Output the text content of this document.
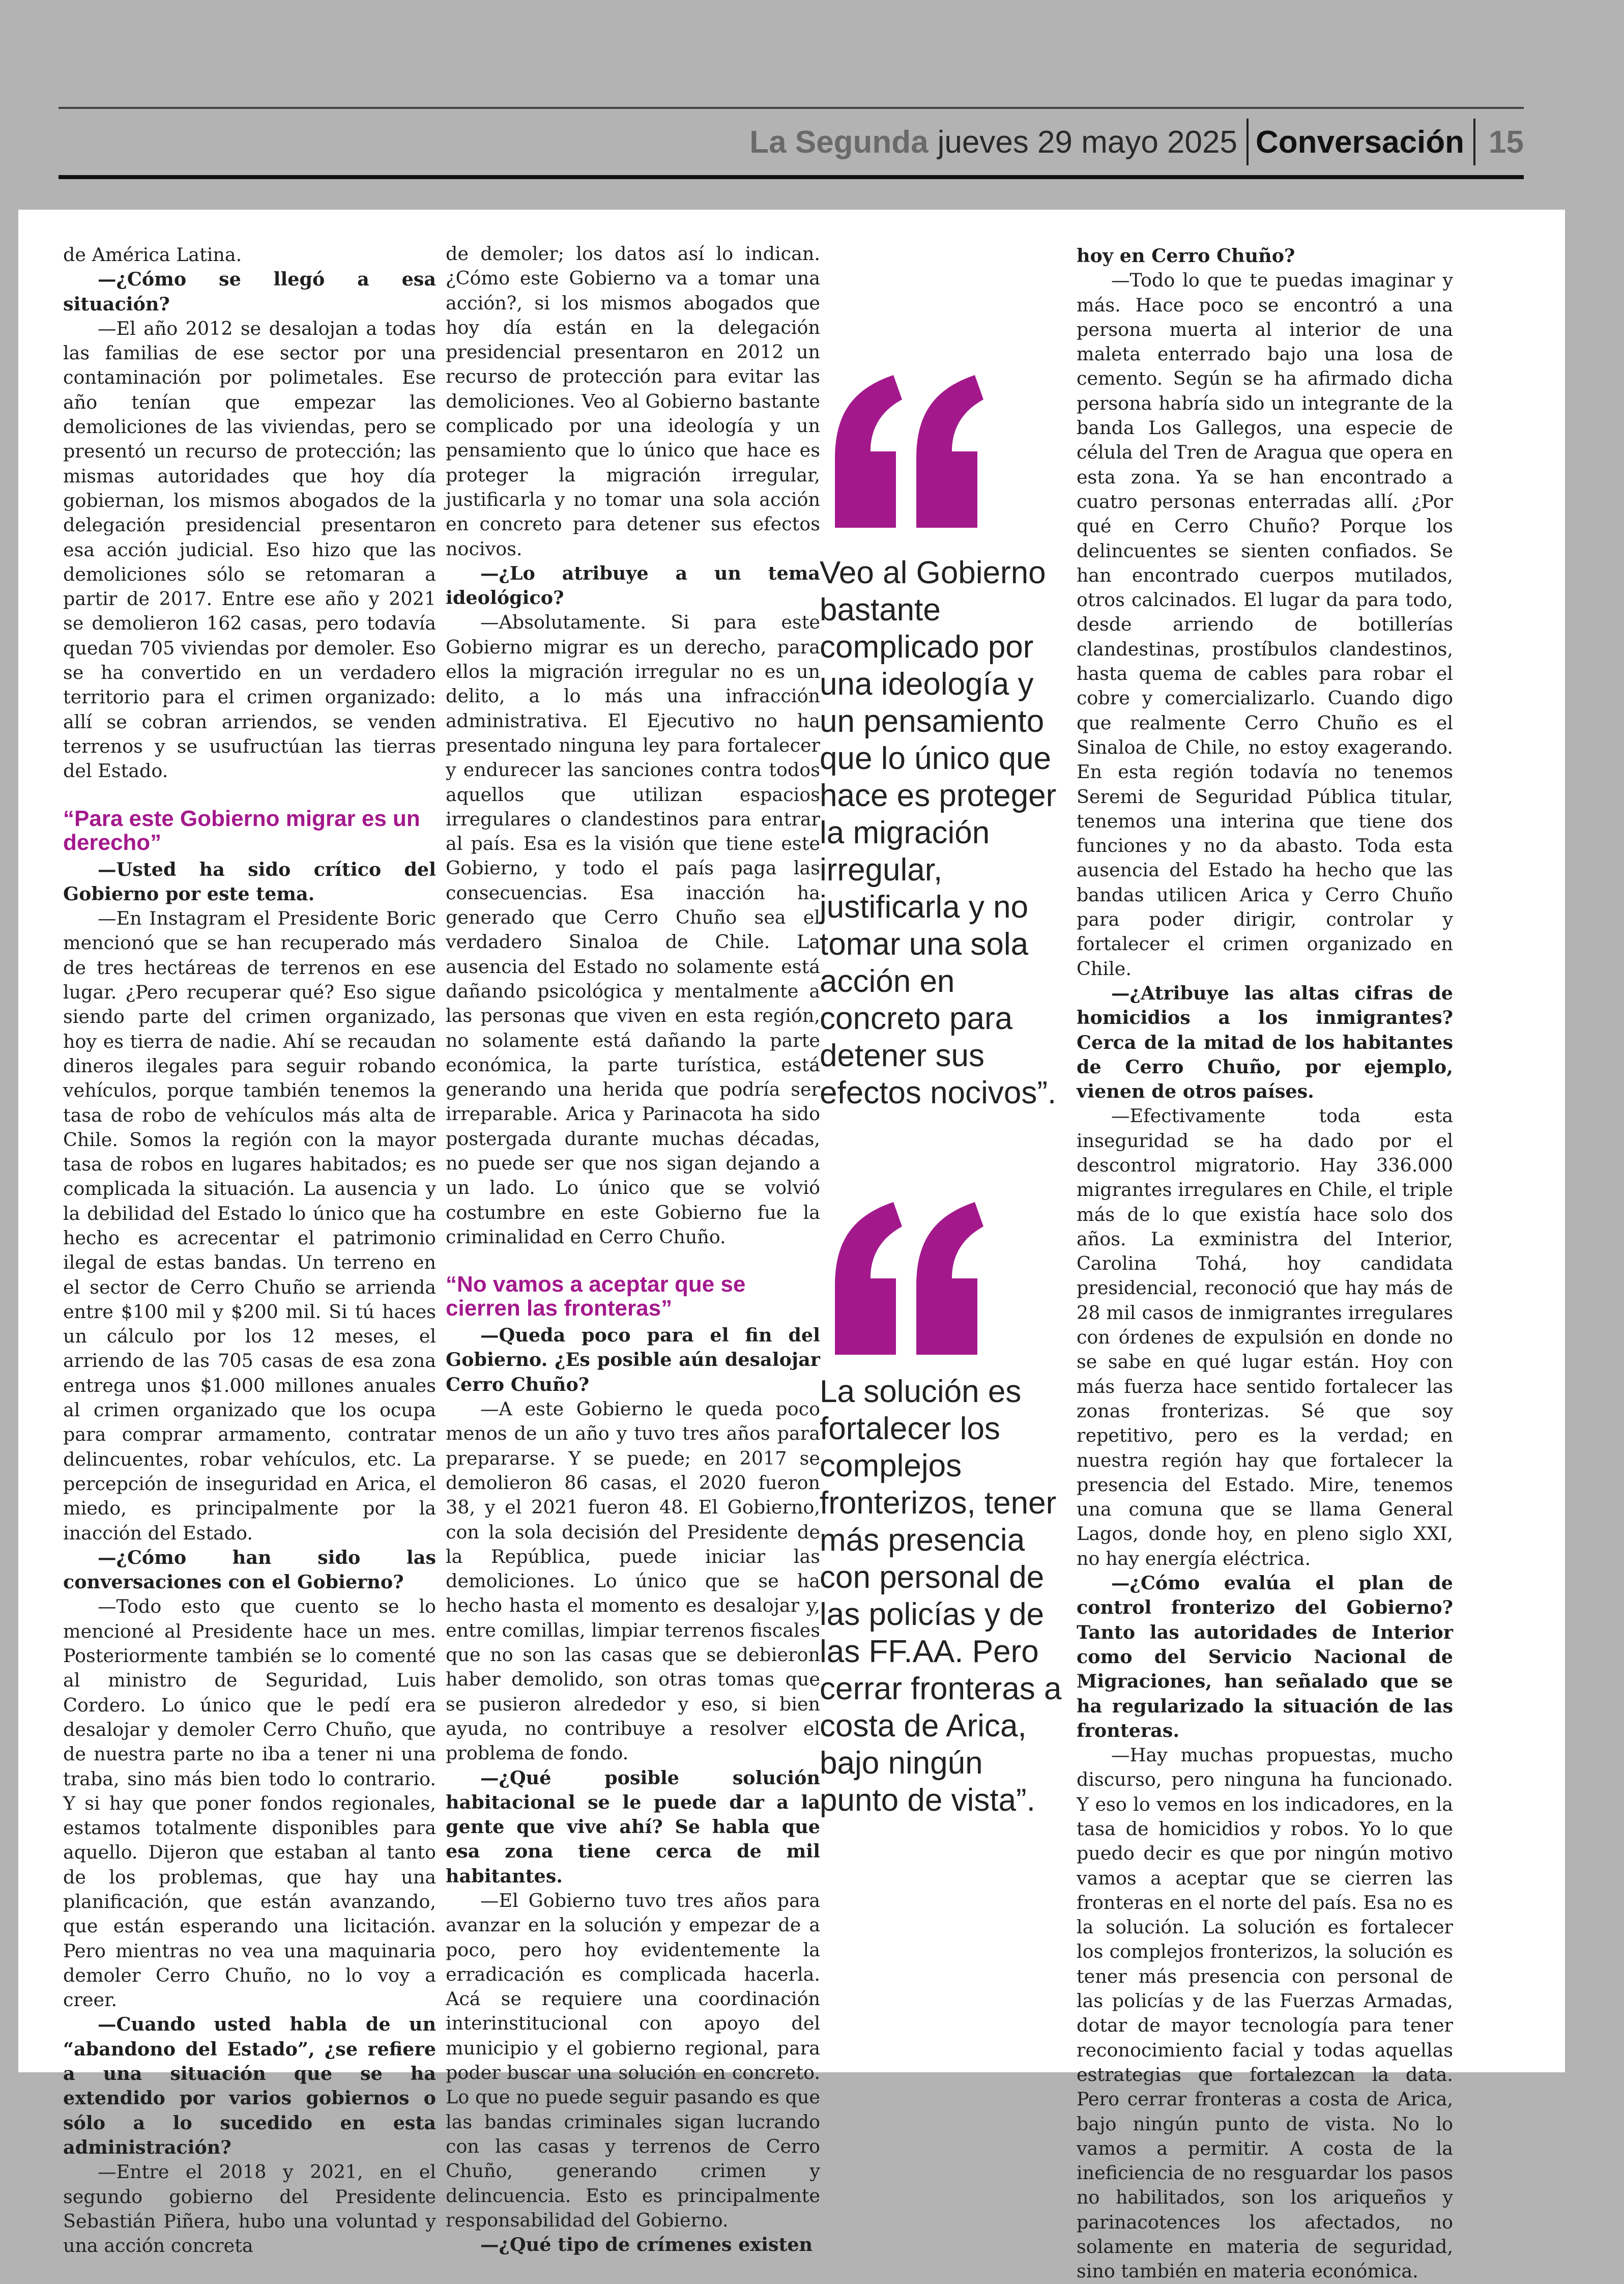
La Segunda jueves 29 mayo 2025 Conversación 15

de América Latina.

—¿Cómo se llegó a esa situación?

—El año 2012 se desalojan a todas las familias de ese sector por una contaminación por polimetales. Ese año tenían que empezar las demoliciones de las viviendas, pero se presentó un recurso de protección; las mismas autoridades que hoy día gobiernan, los mismos abogados de la delegación presidencial presentaron esa acción judicial. Eso hizo que las demoliciones sólo se retomaran a partir de 2017. Entre ese año y 2021 se demolieron 162 casas, pero todavía quedan 705 viviendas por demoler. Eso se ha convertido en un verdadero territorio para el crimen organizado: allí se cobran arriendos, se venden terrenos y se usufructúan las tierras del Estado.

“Para este Gobierno migrar es un derecho”

—Usted ha sido crítico del Gobierno por este tema.

—En Instagram el Presidente Boric mencionó que se han recuperado más de tres hectáreas de terrenos en ese lugar. ¿Pero recuperar qué? Eso sigue siendo parte del crimen organizado, hoy es tierra de nadie. Ahí se recaudan dineros ilegales para seguir robando vehículos, porque también tenemos la tasa de robo de vehículos más alta de Chile. Somos la región con la mayor tasa de robos en lugares habitados; es complicada la situación. La ausencia y la debilidad del Estado lo único que ha hecho es acrecentar el patrimonio ilegal de estas bandas. Un terreno en el sector de Cerro Chuño se arrienda entre $100 mil y $200 mil. Si tú haces un cálculo por los 12 meses, el arriendo de las 705 casas de esa zona entrega unos $1.000 millones anuales al crimen organizado que los ocupa para comprar armamento, contratar delincuentes, robar vehículos, etc. La percepción de inseguridad en Arica, el miedo, es principalmente por la inacción del Estado.

—¿Cómo han sido las conversaciones con el Gobierno?

—Todo esto que cuento se lo mencioné al Presidente hace un mes. Posteriormente también se lo comenté al ministro de Seguridad, Luis Cordero. Lo único que le pedí era desalojar y demoler Cerro Chuño, que de nuestra parte no iba a tener ni una traba, sino más bien todo lo contrario. Y si hay que poner fondos regionales, estamos totalmente disponibles para aquello. Dijeron que estaban al tanto de los problemas, que hay una planificación, que están avanzando, que están esperando una licitación. Pero mientras no vea una maquinaria demoler Cerro Chuño, no lo voy a creer.

—Cuando usted habla de un “abandono del Estado”, ¿se refiere a una situación que se ha extendido por varios gobiernos o sólo a lo sucedido en esta administración?

—Entre el 2018 y 2021, en el segundo gobierno del Presidente Sebastián Piñera, hubo una voluntad y una acción concreta

de demoler; los datos así lo indican. ¿Cómo este Gobierno va a tomar una acción?, si los mismos abogados que hoy día están en la delegación presidencial presentaron en 2012 un recurso de protección para evitar las demoliciones. Veo al Gobierno bastante complicado por una ideología y un pensamiento que lo único que hace es proteger la migración irregular, justificarla y no tomar una sola acción en concreto para detener sus efectos nocivos.

—¿Lo atribuye a un tema ideológico?

—Absolutamente. Si para este Gobierno migrar es un derecho, para ellos la migración irregular no es un delito, a lo más una infracción administrativa. El Ejecutivo no ha presentado ninguna ley para fortalecer y endurecer las sanciones contra todos aquellos que utilizan espacios irregulares o clandestinos para entrar al país. Esa es la visión que tiene este Gobierno, y todo el país paga las consecuencias. Esa inacción ha generado que Cerro Chuño sea el verdadero Sinaloa de Chile. La ausencia del Estado no solamente está dañando psicológica y mentalmente a las personas que viven en esta región, no solamente está dañando la parte económica, la parte turística, está generando una herida que podría ser irreparable. Arica y Parinacota ha sido postergada durante muchas décadas, no puede ser que nos sigan dejando a un lado. Lo único que se volvió costumbre en este Gobierno fue la criminalidad en Cerro Chuño.

“No vamos a aceptar que se cierren las fronteras”

—Queda poco para el fin del Gobierno. ¿Es posible aún desalojar Cerro Chuño?

—A este Gobierno le queda poco menos de un año y tuvo tres años para prepararse. Y se puede; en 2017 se demolieron 86 casas, el 2020 fueron 38, y el 2021 fueron 48. El Gobierno, con la sola decisión del Presidente de la República, puede iniciar las demoliciones. Lo único que se ha hecho hasta el momento es desalojar y, entre comillas, limpiar terrenos fiscales que no son las casas que se debieron haber demolido, son otras tomas que se pusieron alrededor y eso, si bien ayuda, no contribuye a resolver el problema de fondo.

—¿Qué posible solución habitacional se le puede dar a la gente que vive ahí? Se habla que esa zona tiene cerca de mil habitantes.

—El Gobierno tuvo tres años para avanzar en la solución y empezar de a poco, pero hoy evidentemente la erradicación es complicada hacerla. Acá se requiere una coordinación interinstitucional con apoyo del municipio y el gobierno regional, para poder buscar una solución en concreto. Lo que no puede seguir pasando es que las bandas criminales sigan lucrando con las casas y terrenos de Cerro Chuño, generando crimen y delincuencia. Esto es principalmente responsabilidad del Gobierno.

—¿Qué tipo de crímenes existen

Veo al Gobierno bastante complicado por una ideología y un pensamiento que lo único que hace es proteger la migración irregular, justificarla y no tomar una sola acción en concreto para detener sus efectos nocivos”.
La solución es fortalecer los complejos fronterizos, tener más presencia con personal de las policías y de las FF.AA. Pero cerrar fronteras a costa de Arica, bajo ningún punto de vista”.

hoy en Cerro Chuño?

—Todo lo que te puedas imaginar y más. Hace poco se encontró a una persona muerta al interior de una maleta enterrado bajo una losa de cemento. Según se ha afirmado dicha persona habría sido un integrante de la banda Los Gallegos, una especie de célula del Tren de Aragua que opera en esta zona. Ya se han encontrado a cuatro personas enterradas allí. ¿Por qué en Cerro Chuño? Porque los delincuentes se sienten confiados. Se han encontrado cuerpos mutilados, otros calcinados. El lugar da para todo, desde arriendo de botillerías clandestinas, prostíbulos clandestinos, hasta quema de cables para robar el cobre y comercializarlo. Cuando digo que realmente Cerro Chuño es el Sinaloa de Chile, no estoy exagerando. En esta región todavía no tenemos Seremi de Seguridad Pública titular, tenemos una interina que tiene dos funciones y no da abasto. Toda esta ausencia del Estado ha hecho que las bandas utilicen Arica y Cerro Chuño para poder dirigir, controlar y fortalecer el crimen organizado en Chile.

—¿Atribuye las altas cifras de homicidios a los inmigrantes? Cerca de la mitad de los habitantes de Cerro Chuño, por ejemplo, vienen de otros países.

—Efectivamente toda esta inseguridad se ha dado por el descontrol migratorio. Hay 336.000 migrantes irregulares en Chile, el triple más de lo que existía hace solo dos años. La exministra del Interior, Carolina Tohá, hoy candidata presidencial, reconoció que hay más de 28 mil casos de inmigrantes irregulares con órdenes de expulsión en donde no se sabe en qué lugar están. Hoy con más fuerza hace sentido fortalecer las zonas fronterizas. Sé que soy repetitivo, pero es la verdad; en nuestra región hay que fortalecer la presencia del Estado. Mire, tenemos una comuna que se llama General Lagos, donde hoy, en pleno siglo XXI, no hay energía eléctrica.

—¿Cómo evalúa el plan de control fronterizo del Gobierno? Tanto las autoridades de Interior como del Servicio Nacional de Migraciones, han señalado que se ha regularizado la situación de las fronteras.

—Hay muchas propuestas, mucho discurso, pero ninguna ha funcionado. Y eso lo vemos en los indicadores, en la tasa de homicidios y robos. Yo lo que puedo decir es que por ningún motivo vamos a aceptar que se cierren las fronteras en el norte del país. Esa no es la solución. La solución es fortalecer los complejos fronterizos, la solución es tener más presencia con personal de las policías y de las Fuerzas Armadas, dotar de mayor tecnología para tener reconocimiento facial y todas aquellas estrategias que fortalezcan la data. Pero cerrar fronteras a costa de Arica, bajo ningún punto de vista. No lo vamos a permitir. A costa de la ineficiencia de no resguardar los pasos no habilitados, son los ariqueños y parinacotences los afectados, no solamente en materia de seguridad, sino también en materia económica.
